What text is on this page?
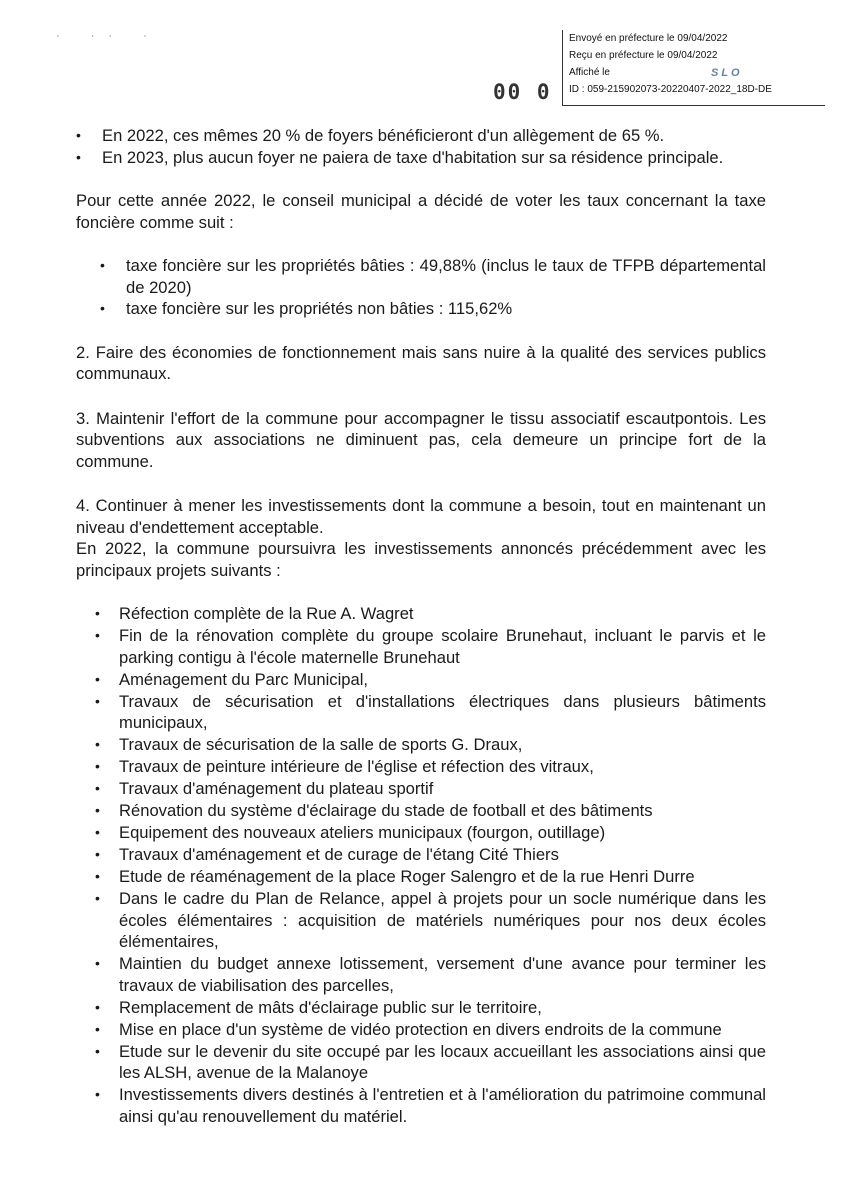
· ·· ·	Envoyé en préfecture le 09/04/2022
Reçu en préfecture le 09/04/2022
Affiché le	SLO
ID : 059-215902073-20220407-2022_18D-DE
00 0
• En 2022, ces mêmes 20 % de foyers bénéficieront d'un allègement de 65 %.
• En 2023, plus aucun foyer ne paiera de taxe d'habitation sur sa résidence principale.

Pour cette année 2022, le conseil municipal a décidé de voter les taux concernant la taxe foncière comme suit :

• taxe foncière sur les propriétés bâties : 49,88% (inclus le taux de TFPB départemental de 2020)
• taxe foncière sur les propriétés non bâties : 115,62%

2. Faire des économies de fonctionnement mais sans nuire à la qualité des services publics communaux.

3. Maintenir l'effort de la commune pour accompagner le tissu associatif escautpontois. Les subventions aux associations ne diminuent pas, cela demeure un principe fort de la commune.

4. Continuer à mener les investissements dont la commune a besoin, tout en maintenant un niveau d'endettement acceptable.

En 2022, la commune poursuivra les investissements annoncés précédemment avec les principaux projets suivants :

• Réfection complète de la Rue A. Wagret
• Fin de la rénovation complète du groupe scolaire Brunehaut, incluant le parvis et le parking contigu à l'école maternelle Brunehaut
• Aménagement du Parc Municipal,
• Travaux de sécurisation et d'installations électriques dans plusieurs bâtiments municipaux,
• Travaux de sécurisation de la salle de sports G. Draux,
• Travaux de peinture intérieure de l'église et réfection des vitraux,
• Travaux d'aménagement du plateau sportif
• Rénovation du système d'éclairage du stade de football et des bâtiments
• Equipement des nouveaux ateliers municipaux (fourgon, outillage)
• Travaux d'aménagement et de curage de l'étang Cité Thiers
• Etude de réaménagement de la place Roger Salengro et de la rue Henri Durre
• Dans le cadre du Plan de Relance, appel à projets pour un socle numérique dans les écoles élémentaires : acquisition de matériels numériques pour nos deux écoles élémentaires,
• Maintien du budget annexe lotissement, versement d'une avance pour terminer les travaux de viabilisation des parcelles,
• Remplacement de mâts d'éclairage public sur le territoire,
• Mise en place d'un système de vidéo protection en divers endroits de la commune
• Etude sur le devenir du site occupé par les locaux accueillant les associations ainsi que les ALSH, avenue de la Malanoye
• Investissements divers destinés à l'entretien et à l'amélioration du patrimoine communal ainsi qu'au renouvellement du matériel.
